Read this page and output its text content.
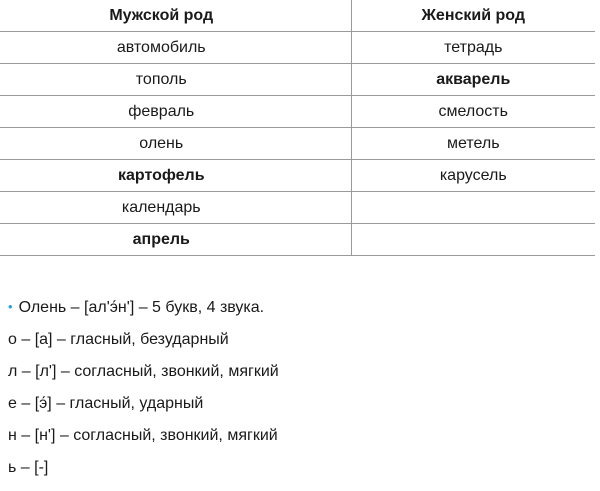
Мужской род	Женский род
автомобиль	тетрадь
тополь	акварель
февраль	смелость
олень	метель
картофель	карусель
календарь	
апрель	
• Олень – [ал'э́н'] – 5 букв, 4 звука.
о – [а] – гласный, безударный
л – [л'] – согласный, звонкий, мягкий
е – [э́] – гласный, ударный
н – [н'] – согласный, звонкий, мягкий
ь – [-]
